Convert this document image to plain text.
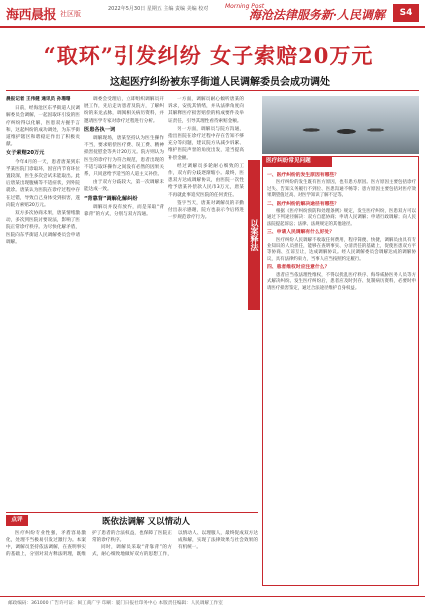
海西晨报 社区版
2022年5月30日 星期五 主编 责编 美编 校对	Morning Post
海沧法律服务新·人民调解	S4
“取环”引发纠纷 女子索赔20万元
这起医疗纠纷被东孚街道人民调解委员会成功调处
晨报记者 王伟健 通讯员 孙珊珊

日前，经海沧区东孚街道人民调解委员会调解，一起因取环引发的医疗纠纷得以化解，医患双方握手言和，这起纠纷的成功调处，为东孚街道维护辖区和谐稳定作出了积极贡献。

女子索赔20万元

今年4月的一天，患者唐某到东孚某医院门诊取环，因宫内节育环位置较深，医生多次尝试未能取出。此后唐某出现腹痛等不适症状，到外院就诊。唐某认为医院在诊疗过程中存在过错，导致自己身体受到损害，遂向院方索赔20万元。

双方多次协商未果，唐某情绪激动，多次到医院讨要说法，影响了医院正常诊疗秩序。为尽快化解矛盾，医院向东孚街道人民调解委员会申请调解。

调委会受理后，立即组织调解员开展工作，先后走访患者及院方，了解纠纷的来龙去脉，调阅相关病历资料，并邀请医学专家对诊疗过程进行分析。

医患各执一词

调解现场，唐某坚持认为医生操作不当，要求赔偿医疗费、误工费、精神损害抚慰金等共计20万元。院方则认为医生的诊疗行为符合规范，患者出现的不适与取环操作之间没有必然的因果关系，只同意给予适当的人道主义补偿。

由于双方分歧较大，第一次调解未能达成一致。

“背靠背”调解化解纠纷

调解员并没有放弃，而是采取“背靠背”的方式，分别与双方沟通。

一方面，调解员耐心倾听唐某的诉求，安抚其情绪，并从法律角度向其解释医疗损害赔偿的构成要件及举证责任，引导其理性看待索赔金额。

另一方面，调解员与院方沟通，指出医院在诊疗过程中存在告知不够充分等问题，建议院方从减少诉累、维护医院声誉的角度出发，适当提高补偿金额。

经过调解员多轮耐心细致的工作，双方的分歧逐渐缩小。最终，医患双方达成调解协议，由医院一次性给予唐某补偿款人民币3万元，唐某不再就此事追究医院的任何责任。

签字当天，唐某对调解员的辛勤付出表示感谢，院方也表示今后将进一步规范诊疗行为。

以案释法
医疗纠纷常见问题

一、医疗纠纷的发生原因有哪些？

医疗纠纷的发生既有医方原因，也有患方原因。医方原因主要包括诊疗过失、告知义务履行不到位、医患沟通不畅等；患方原因主要包括对医疗效果期望值过高、对医学知识了解不足等。

二、医疗纠纷的解决途径有哪些？

根据《医疗纠纷预防和处理条例》规定，发生医疗纠纷，医患双方可以通过下列途径解决：双方自愿协商；申请人民调解；申请行政调解；向人民法院提起诉讼；法律、法规规定的其他途径。

三、申请人民调解有什么好处？

医疗纠纷人民调解不收取任何费用，程序简便、快捷，调解员由具有专业知识的人员担任，能够在查明事实、分清责任的基础上，促使医患双方平等协商、互谅互让，达成调解协议。经人民调解委员会调解达成的调解协议，具有法律约束力，当事人应当按照约定履行。

四、患者维权时应注意什么？

患者应当依法理性维权，不得以扰乱医疗秩序、侮辱威胁医务人员等方式解决纠纷。发生医疗纠纷后，患者应及时封存、复制病历资料，必要时申请医疗损害鉴定，通过合法途径维护自身权益。

点评	既依法调解 又以情动人

医疗纠纷专业性强，矛盾容易激化，处理不当极易引发过激行为。本案中，调解员坚持依法调解，在查明事实的基础上，分别对双方释法明理，既维护了患者的合法权益，也保障了医院正常的诊疗秩序。

同时，调解员采取“背靠背”的方式，耐心细致地做好双方的思想工作，以情动人、以理服人，最终促成双方达成和解，实现了法律效果与社会效果的有机统一。

邮政编码：361000 广告许可证：闽工商广字 印刷：厦门日报社印务中心 本版责任编辑：人民调解工作室
